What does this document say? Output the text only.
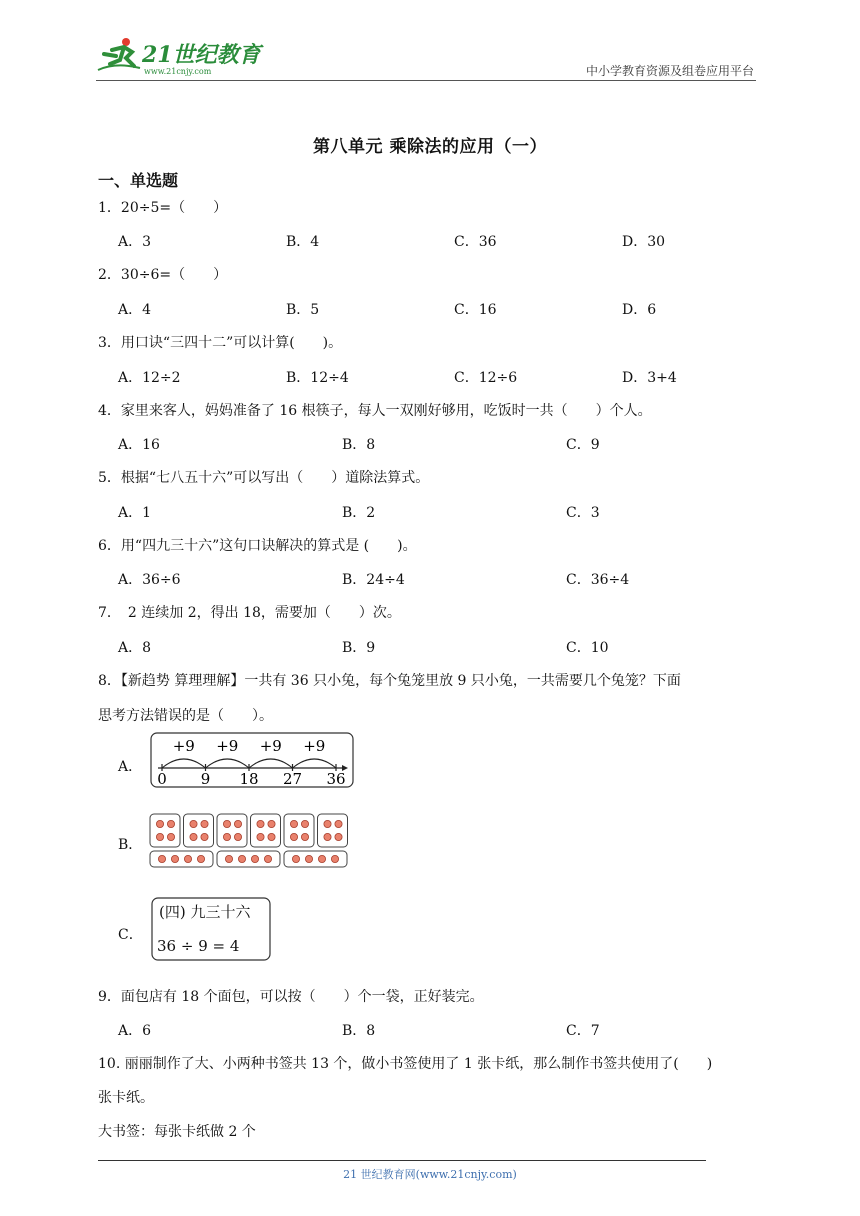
21世纪教育
www.21cnjy.com	中小学教育资源及组卷应用平台
第八单元 乘除法的应用（一）
一、单选题
1．20÷5=（　　）
A．3	B．4	C．36	D．30
2．30÷6=（　　）
A．4	B．5	C．16	D．6
3．用口诀“三四十二”可以计算(　　)。
A．12÷2	B．12÷4	C．12÷6	D．3+4
4．家里来客人，妈妈准备了 16 根筷子，每人一双刚好够用，吃饭时一共（　　）个人。
A．16	B．8	C．9
5．根据“七八五十六”可以写出（　　）道除法算式。
A．1	B．2	C．3
6．用“四九三十六”这句口诀解决的算式是 (　　)。
A．36÷6	B．24÷4	C．36÷4
7．　2 连续加 2，得出 18，需要加（　　）次。
A．8	B．9	C．10
8．【新趋势 算理理解】一共有 36 只小兔，每个兔笼里放 9 只小兔，一共需要几个兔笼？下面
思考方法错误的是（　　）。
A．
0 9 18 27 36
+9 +9 +9 +9
B．
C．
(四) 九三十六
36 ÷ 9 = 4
9．面包店有 18 个面包，可以按（　　）个一袋，正好装完。
A．6	B．8	C．7
10. 丽丽制作了大、小两种书签共 13 个，做小书签使用了 1 张卡纸，那么制作书签共使用了(　　)
张卡纸。
大书签：每张卡纸做 2 个
21 世纪教育网(www.21cnjy.com)
